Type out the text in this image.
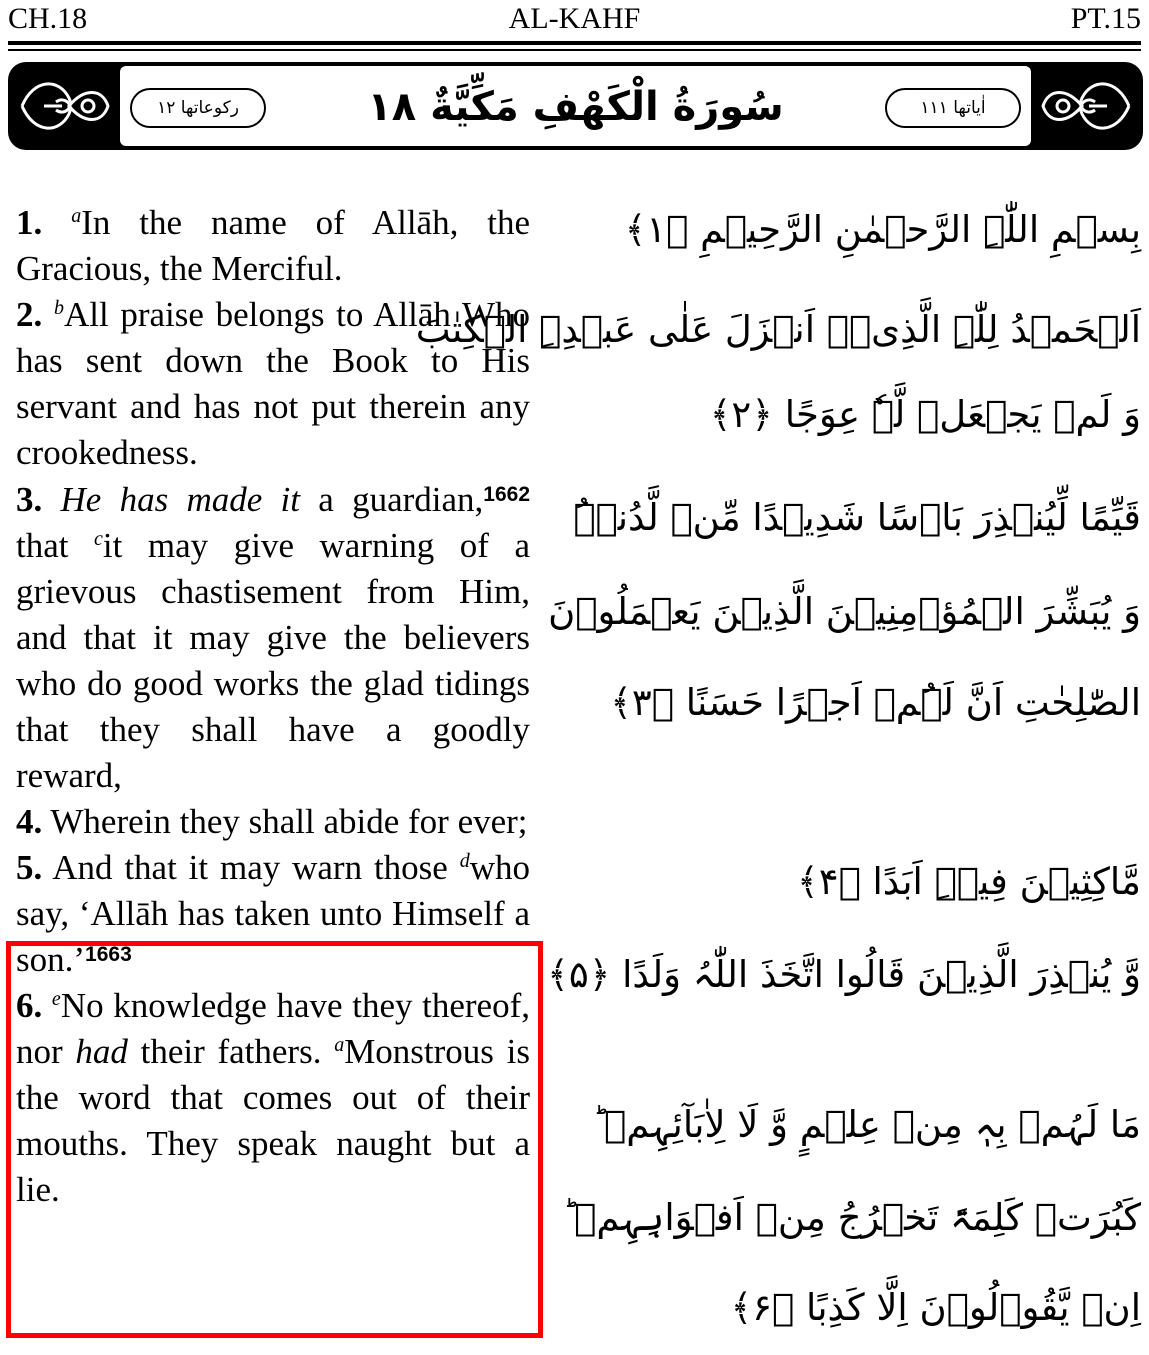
CH.18	AL-KAHF	PT.15
رکوعاتها ١٢	سُورَةُ الْكَهْفِ مَكِّيَّةٌ ١٨	اٰیاتها ١١١

1. $^a$In the name of Allāh, the Gracious, the Merciful.

2. $^b$All praise belongs to Allāh Who has sent down the Book to His servant and has not put therein any crookedness.

3. He has made it a guardian,$^{1662}$ that $^c$it may give warning of a grievous chastisement from Him, and that it may give the believers who do good works the glad tidings that they shall have a goodly reward,

4. Wherein they shall abide for ever;

5. And that it may warn those $^d$who say, ‘Allāh has taken unto Himself a son.’$^{1663}$

6. $^e$No knowledge have they thereof, nor had their fathers. $^a$Monstrous is the word that comes out of their mouths. They speak naught but a lie.

بِسۡمِ اللّٰہِ الرَّحۡمٰنِ الرَّحِیۡمِ ﴿۱﴾
اَلۡحَمۡدُ لِلّٰہِ الَّذِیۡۤ اَنۡزَلَ عَلٰی عَبۡدِہِ الۡکِتٰبَ
وَ لَمۡ یَجۡعَلۡ لَّہٗ عِوَجًا ﴿۲﴾
قَیِّمًا لِّیُنۡذِرَ بَاۡسًا شَدِیۡدًا مِّنۡ لَّدُنۡہُ
وَ یُبَشِّرَ الۡمُؤۡمِنِیۡنَ الَّذِیۡنَ یَعۡمَلُوۡنَ
الصّٰلِحٰتِ اَنَّ لَہُمۡ اَجۡرًا حَسَنًا ﴿۳﴾
مَّاکِثِیۡنَ فِیۡہِ اَبَدًا ﴿۴﴾
وَّ یُنۡذِرَ الَّذِیۡنَ قَالُوا اتَّخَذَ اللّٰہُ وَلَدًا ﴿۵﴾
مَا لَہُمۡ بِہٖ مِنۡ عِلۡمٍ وَّ لَا لِاٰبَآئِہِمۡ ؕ
کَبُرَتۡ کَلِمَۃً تَخۡرُجُ مِنۡ اَفۡوَاہِہِمۡ ؕ
اِنۡ یَّقُوۡلُوۡنَ اِلَّا کَذِبًا ﴿۶﴾
